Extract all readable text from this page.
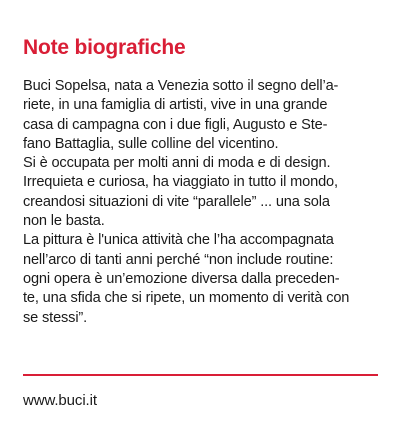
Note biografiche

Buci Sopelsa, nata a Venezia sotto il segno dell’a-
riete, in una famiglia di artisti, vive in una grande
casa di campagna con i due figli, Augusto e Ste-
fano Battaglia, sulle colline del vicentino.
Si è occupata per molti anni di moda e di design.
Irrequieta e curiosa, ha viaggiato in tutto il mondo,
creandosi situazioni di vite “parallele” ... una sola
non le basta.
La pittura è l'unica attività che l’ha accompagnata
nell’arco di tanti anni perché “non include routine:
ogni opera è un’emozione diversa dalla preceden-
te, una sfida che si ripete, un momento di verità con
se stessi”.

www.buci.it
